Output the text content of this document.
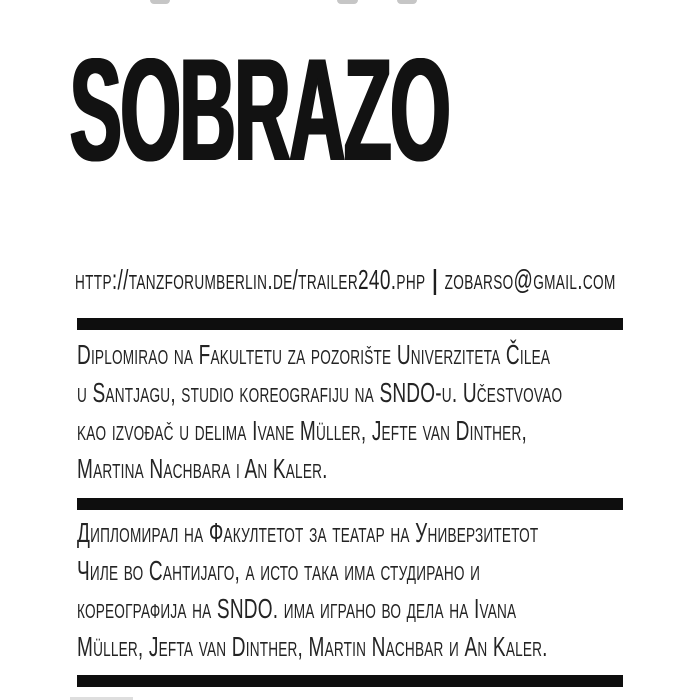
SOBRAZO
http://tanzforumberlin.de/trailer240.php | zobarso@gmail.com
Diplomirao na Fakultetu za pozorište Univerziteta Čilea
u Santjagu, studio koreografiju na SNDO-u. Učestvovao
kao izvođač u delima Ivane Müller, Jefte van Dinther,
Martina Nachbara i An Kaler.
Дипломирал на Факултетот за театар на Универзитетот
Чиле во Сантијаго, а исто така има студирано и
кореографија на SNDO. има играно во дела на Ivana
Müller, Jefta van Dinther, Martin Nachbar и An Kaler.
